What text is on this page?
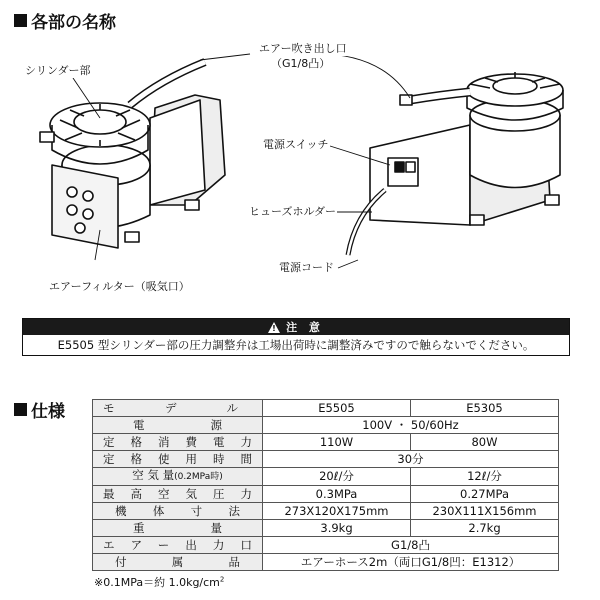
各部の名称
シリンダー部
エアー吹き出し口
（G1/8凸）
電源スイッチ
ヒューズホルダー
電源コード
エアーフィルター（吸気口）
! 注 意
E5505 型シリンダー部の圧力調整弁は工場出荷時に調整済みですので触らないでください。
仕様	モデル	E5505	E5305
電源	100V ・ 50/60Hz	
定格消費電力	110W	80W
定格使用時間	30分	
空 気 量(0.2MPa時)	20ℓ/分	12ℓ/分
最高空気圧力	0.3MPa	0.27MPa
機体寸法	273X120X175mm	230X111X156mm
重量	3.9kg	2.7kg
エアー出力口	G1/8凸	
付属品	エアーホース2m（両口G1/8凹：E1312）	
※0.1MPa＝約 $1.0kg/cm^2$
